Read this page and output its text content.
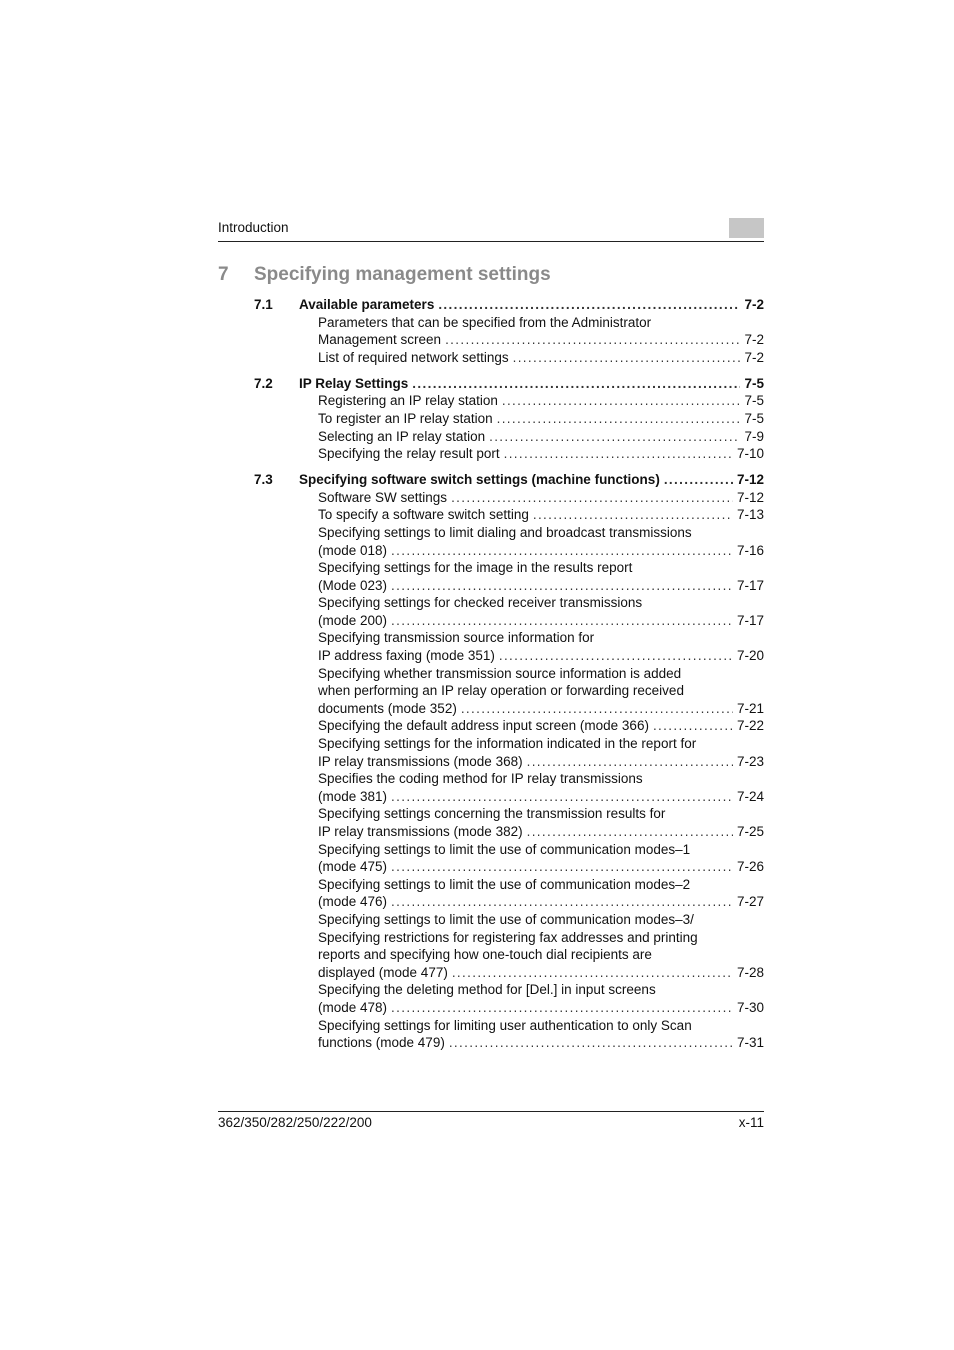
Introduction
7 Specifying management settings
7.1	Available parameters . . .	7-2
Parameters that can be specified from the Administrator
Management screen . . .	7-2
List of required network settings . . .	7-2
7.2	IP Relay Settings . . .	7-5
Registering an IP relay station . . .	7-5
To register an IP relay station . . .	7-5
Selecting an IP relay station . . .	7-9
Specifying the relay result port . . .	7-10
7.3	Specifying software switch settings (machine functions) . . .	7-12
Software SW settings . . .	7-12
To specify a software switch setting . . .	7-13
Specifying settings to limit dialing and broadcast transmissions
(mode 018) . . .	7-16
Specifying settings for the image in the results report
(Mode 023) . . .	7-17
Specifying settings for checked receiver transmissions
(mode 200) . . .	7-17
Specifying transmission source information for
IP address faxing (mode 351) . . .	7-20
Specifying whether transmission source information is added
when performing an IP relay operation or forwarding received
documents (mode 352) . . .	7-21
Specifying the default address input screen (mode 366) . . .	7-22
Specifying settings for the information indicated in the report for
IP relay transmissions (mode 368) . . .	7-23
Specifies the coding method for IP relay transmissions
(mode 381) . . .	7-24
Specifying settings concerning the transmission results for
IP relay transmissions (mode 382) . . .	7-25
Specifying settings to limit the use of communication modes–1
(mode 475) . . .	7-26
Specifying settings to limit the use of communication modes–2
(mode 476) . . .	7-27
Specifying settings to limit the use of communication modes–3/
Specifying restrictions for registering fax addresses and printing
reports and specifying how one-touch dial recipients are
displayed (mode 477) . . .	7-28
Specifying the deleting method for [Del.] in input screens
(mode 478) . . .	7-30
Specifying settings for limiting user authentication to only Scan
functions (mode 479) . . .	7-31
362/350/282/250/222/200	x-11
